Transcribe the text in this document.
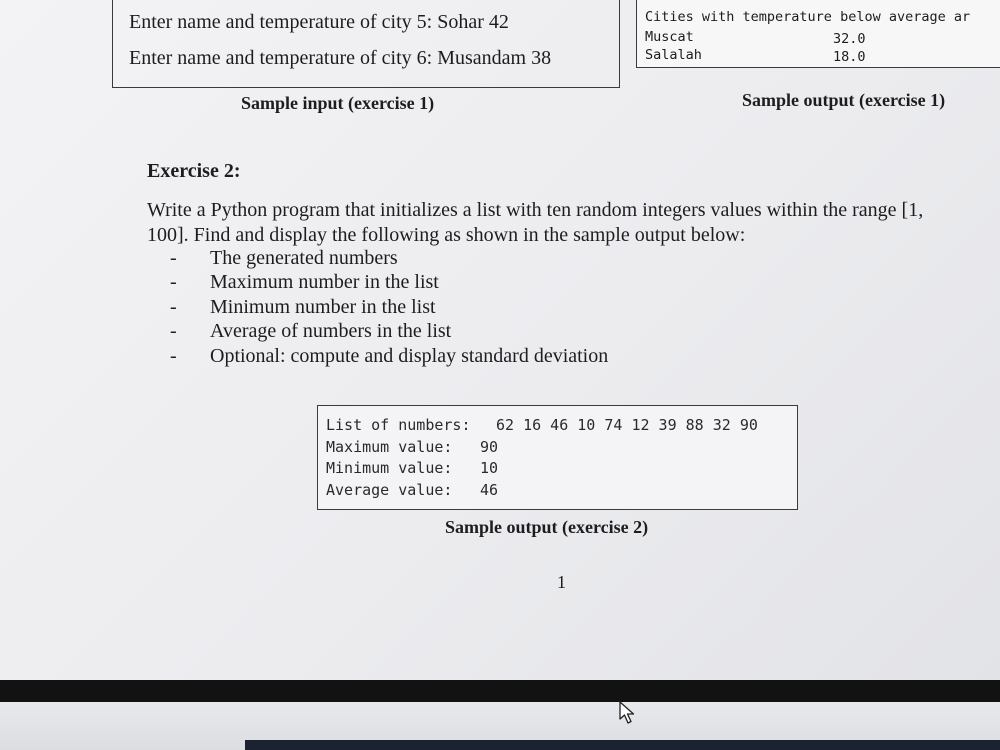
Enter name and temperature of city 5: Sohar 42
Enter name and temperature of city 6: Musandam 38
Sample input (exercise 1)
Cities with temperature below average ar
Muscat	32.0
Salalah	18.0
Sample output (exercise 1)
Exercise 2:
Write a Python program that initializes a list with ten random integers values within the range [1, 100]. Find and display the following as shown in the sample output below:
- The generated numbers
- Maximum number in the list
- Minimum number in the list
- Average of numbers in the list
- Optional: compute and display standard deviation
List of numbers: 62 16 46 10 74 12 39 88 32 90
Maximum value: 90
Minimum value: 10
Average value: 46
Sample output (exercise 2)
1
